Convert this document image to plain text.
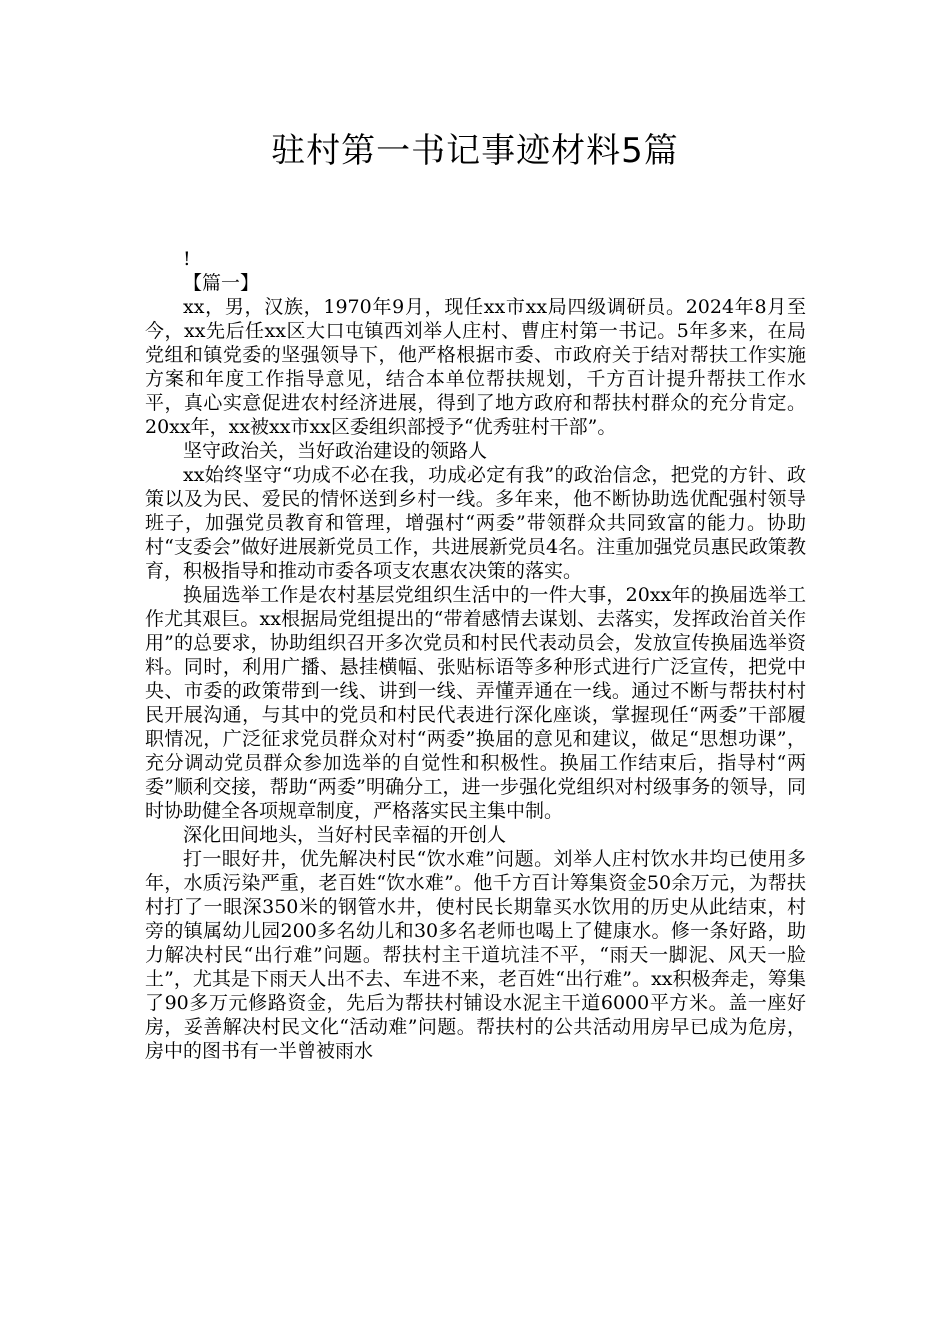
驻村第一书记事迹材料5篇

!

【篇一】

xx，男，汉族，1970年9月，现任xx市xx局四级调研员。2024年8月至今，xx先后任xx区大口屯镇西刘举人庄村、曹庄村第一书记。5年多来，在局党组和镇党委的坚强领导下，他严格根据市委、市政府关于结对帮扶工作实施方案和年度工作指导意见，结合本单位帮扶规划，千方百计提升帮扶工作水平，真心实意促进农村经济进展，得到了地方政府和帮扶村群众的充分肯定。20xx年，xx被xx市xx区委组织部授予“优秀驻村干部”。

坚守政治关，当好政治建设的领路人

xx始终坚守“功成不必在我，功成必定有我”的政治信念，把党的方针、政策以及为民、爱民的情怀送到乡村一线。多年来，他不断协助选优配强村领导班子，加强党员教育和管理，增强村“两委”带领群众共同致富的能力。协助村“支委会”做好进展新党员工作，共进展新党员4名。注重加强党员惠民政策教育，积极指导和推动市委各项支农惠农决策的落实。

换届选举工作是农村基层党组织生活中的一件大事，20xx年的换届选举工作尤其艰巨。xx根据局党组提出的“带着感情去谋划、去落实，发挥政治首关作用”的总要求，协助组织召开多次党员和村民代表动员会，发放宣传换届选举资料。同时，利用广播、悬挂横幅、张贴标语等多种形式进行广泛宣传，把党中央、市委的政策带到一线、讲到一线、弄懂弄通在一线。通过不断与帮扶村村民开展沟通，与其中的党员和村民代表进行深化座谈，掌握现任“两委”干部履职情况，广泛征求党员群众对村“两委”换届的意见和建议，做足“思想功课”，充分调动党员群众参加选举的自觉性和积极性。换届工作结束后，指导村“两委”顺利交接，帮助“两委”明确分工，进一步强化党组织对村级事务的领导，同时协助健全各项规章制度，严格落实民主集中制。

深化田间地头，当好村民幸福的开创人

打一眼好井，优先解决村民“饮水难”问题。刘举人庄村饮水井均已使用多年，水质污染严重，老百姓“饮水难”。他千方百计筹集资金50余万元，为帮扶村打了一眼深350米的钢管水井，使村民长期靠买水饮用的历史从此结束，村旁的镇属幼儿园200多名幼儿和30多名老师也喝上了健康水。修一条好路，助力解决村民“出行难”问题。帮扶村主干道坑洼不平，“雨天一脚泥、风天一脸土”，尤其是下雨天人出不去、车进不来，老百姓“出行难”。xx积极奔走，筹集了90多万元修路资金，先后为帮扶村铺设水泥主干道6000平方米。盖一座好房，妥善解决村民文化“活动难”问题。帮扶村的公共活动用房早已成为危房，房中的图书有一半曾被雨水
